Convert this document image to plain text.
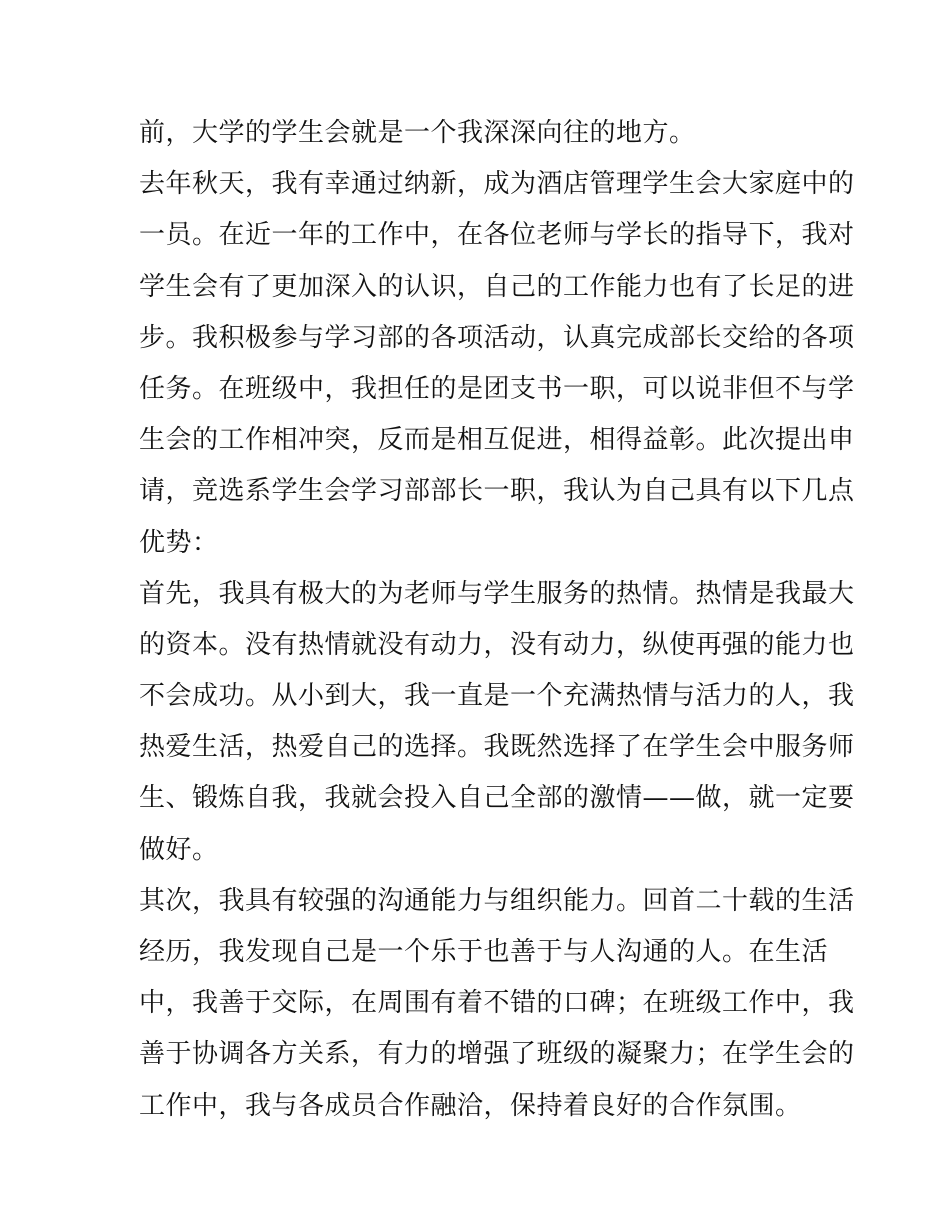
前，大学的学生会就是一个我深深向往的地方。
去年秋天，我有幸通过纳新，成为酒店管理学生会大家庭中的
一员。在近一年的工作中，在各位老师与学长的指导下，我对
学生会有了更加深入的认识，自己的工作能力也有了长足的进
步。我积极参与学习部的各项活动，认真完成部长交给的各项
任务。在班级中，我担任的是团支书一职，可以说非但不与学
生会的工作相冲突，反而是相互促进，相得益彰。此次提出申
请，竞选系学生会学习部部长一职，我认为自己具有以下几点
优势：
首先，我具有极大的为老师与学生服务的热情。热情是我最大
的资本。没有热情就没有动力，没有动力，纵使再强的能力也
不会成功。从小到大，我一直是一个充满热情与活力的人，我
热爱生活，热爱自己的选择。我既然选择了在学生会中服务师
生、锻炼自我，我就会投入自己全部的激情——做，就一定要
做好。
其次，我具有较强的沟通能力与组织能力。回首二十载的生活
经历，我发现自己是一个乐于也善于与人沟通的人。在生活
中，我善于交际，在周围有着不错的口碑；在班级工作中，我
善于协调各方关系，有力的增强了班级的凝聚力；在学生会的
工作中，我与各成员合作融洽，保持着良好的合作氛围。
